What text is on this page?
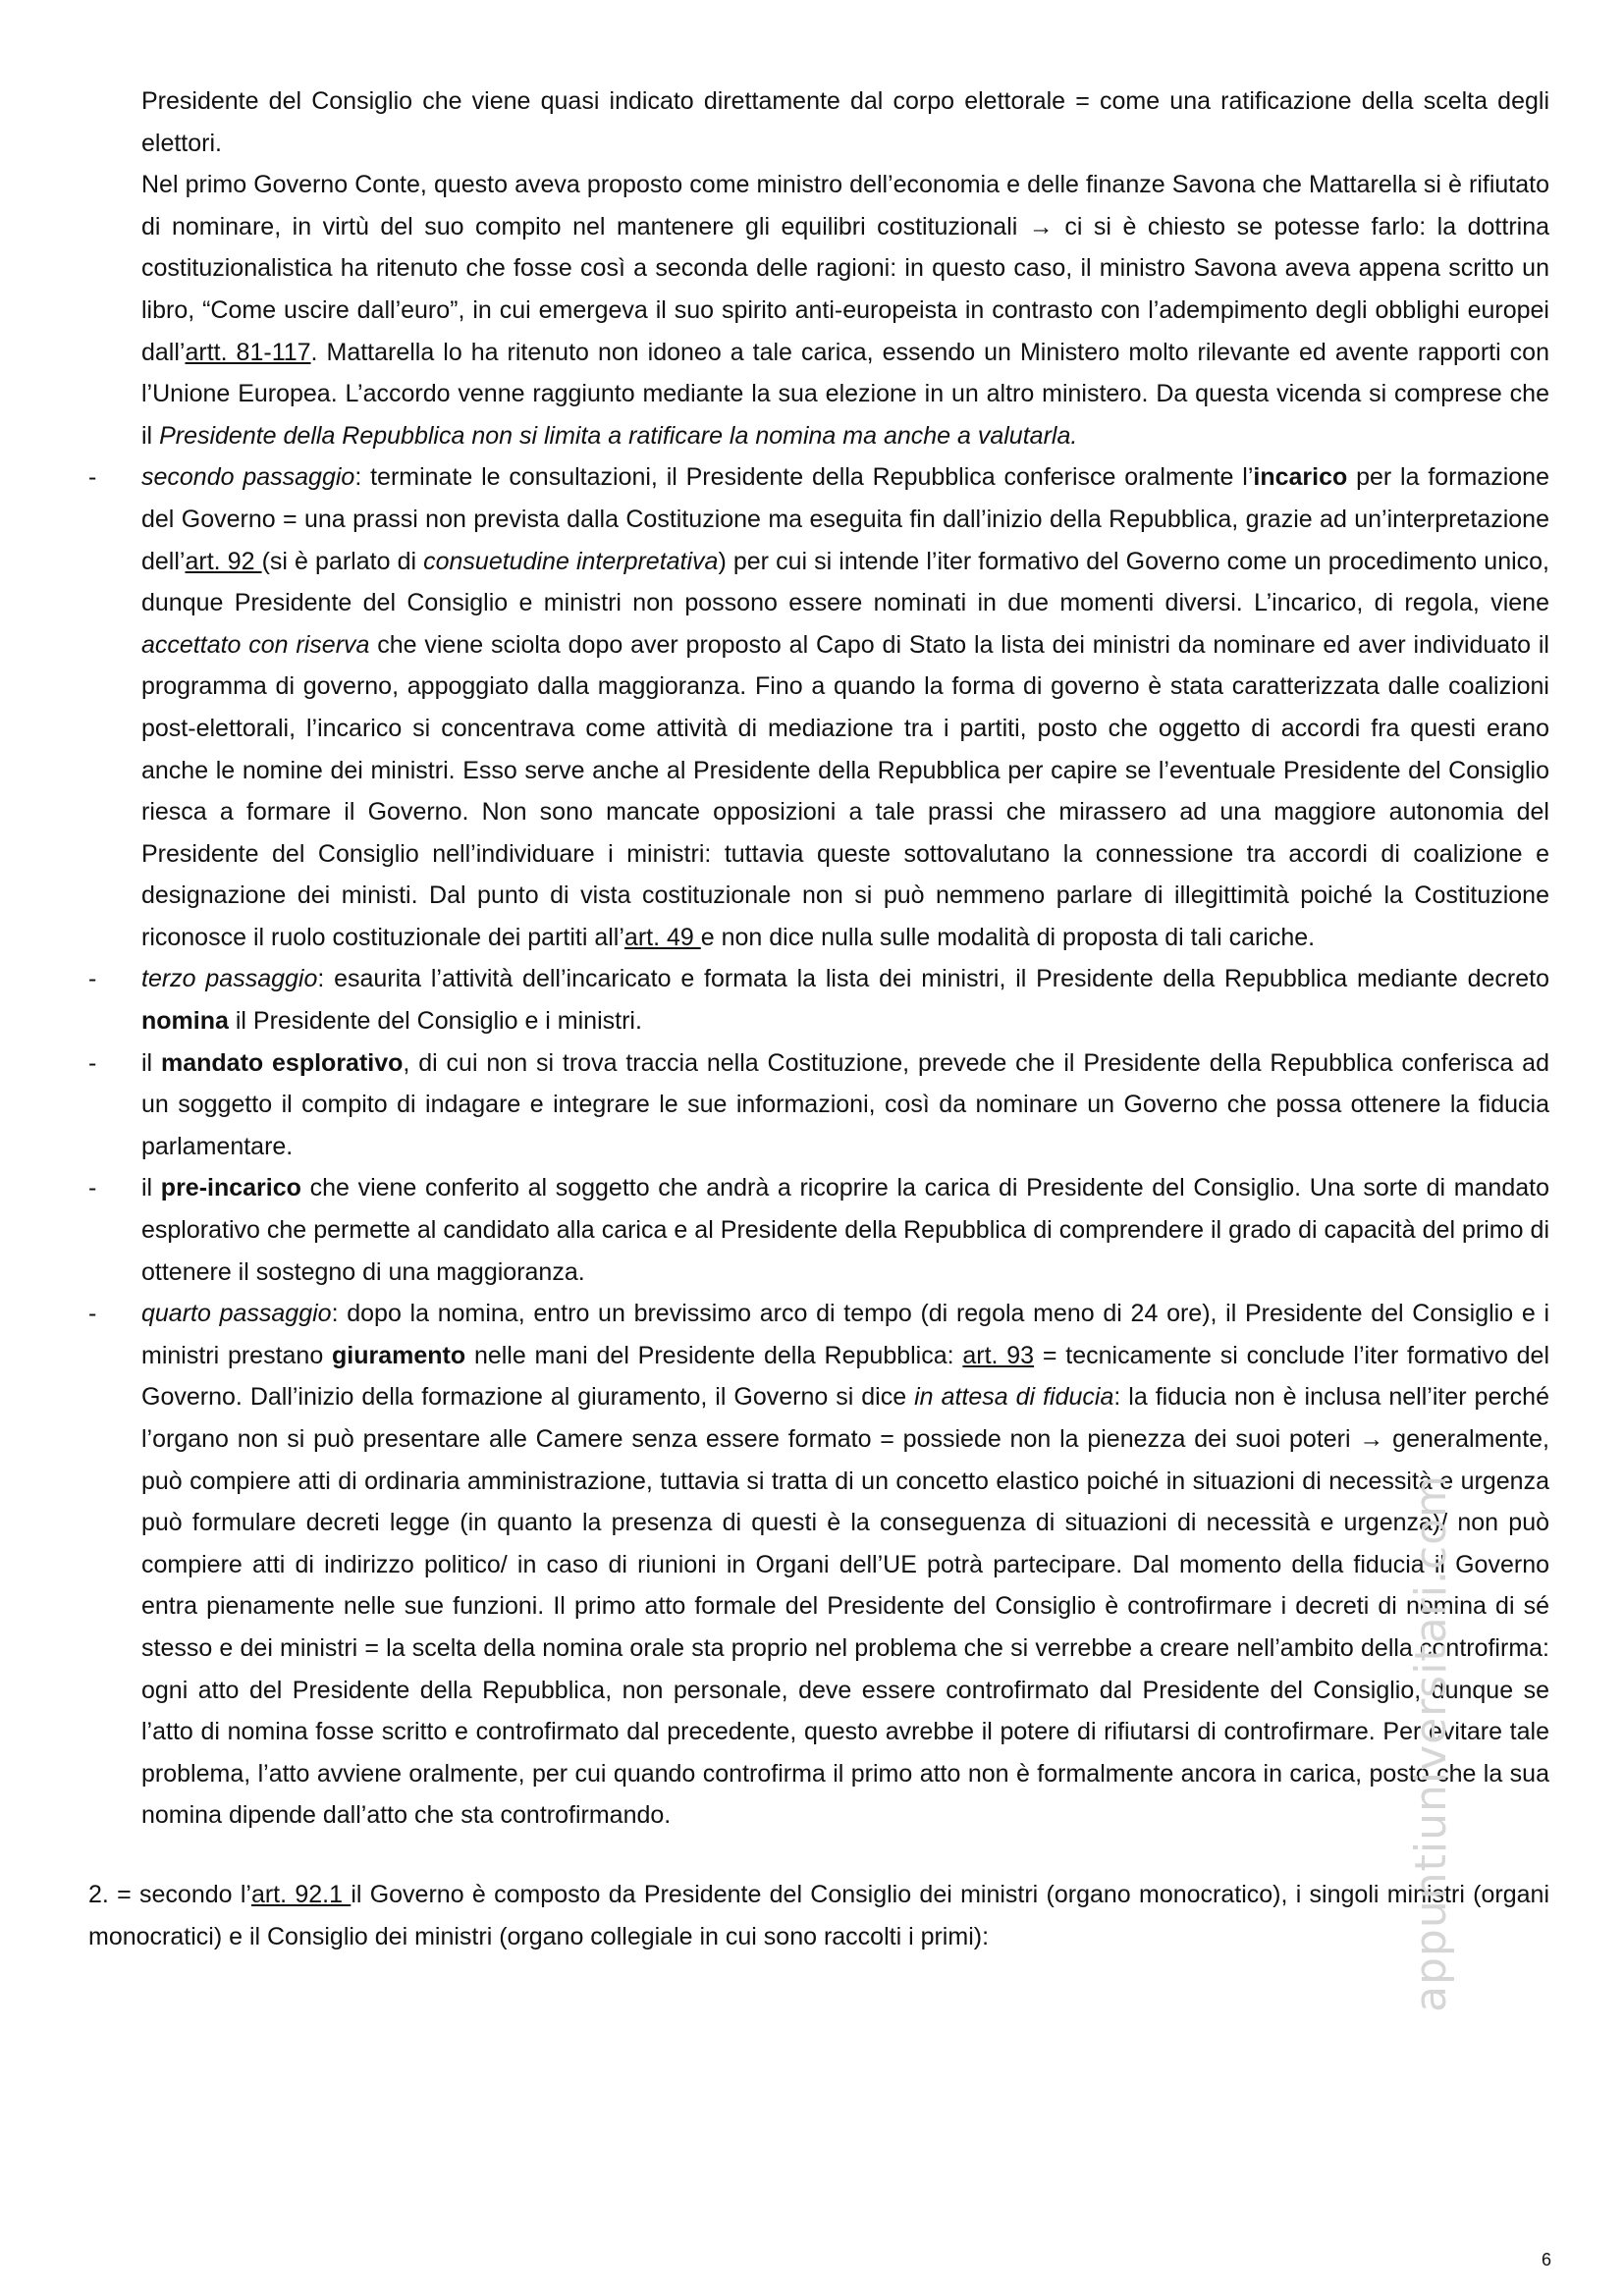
Presidente del Consiglio che viene quasi indicato direttamente dal corpo elettorale = come una ratificazione della scelta degli elettori.

Nel primo Governo Conte, questo aveva proposto come ministro dell’economia e delle finanze Savona che Mattarella si è rifiutato di nominare, in virtù del suo compito nel mantenere gli equilibri costituzionali → ci si è chiesto se potesse farlo: la dottrina costituzionalistica ha ritenuto che fosse così a seconda delle ragioni: in questo caso, il ministro Savona aveva appena scritto un libro, “Come uscire dall’euro”, in cui emergeva il suo spirito anti-europeista in contrasto con l’adempimento degli obblighi europei dall’artt. 81-117. Mattarella lo ha ritenuto non idoneo a tale carica, essendo un Ministero molto rilevante ed avente rapporti con l’Unione Europea. L’accordo venne raggiunto mediante la sua elezione in un altro ministero. Da questa vicenda si comprese che il Presidente della Repubblica non si limita a ratificare la nomina ma anche a valutarla.

- secondo passaggio: terminate le consultazioni, il Presidente della Repubblica conferisce oralmente l’incarico per la formazione del Governo = una prassi non prevista dalla Costituzione ma eseguita fin dall’inizio della Repubblica, grazie ad un’interpretazione dell’art. 92 (si è parlato di consuetudine interpretativa) per cui si intende l’iter formativo del Governo come un procedimento unico, dunque Presidente del Consiglio e ministri non possono essere nominati in due momenti diversi. L’incarico, di regola, viene accettato con riserva che viene sciolta dopo aver proposto al Capo di Stato la lista dei ministri da nominare ed aver individuato il programma di governo, appoggiato dalla maggioranza. Fino a quando la forma di governo è stata caratterizzata dalle coalizioni post-elettorali, l’incarico si concentrava come attività di mediazione tra i partiti, posto che oggetto di accordi fra questi erano anche le nomine dei ministri. Esso serve anche al Presidente della Repubblica per capire se l’eventuale Presidente del Consiglio riesca a formare il Governo. Non sono mancate opposizioni a tale prassi che mirassero ad una maggiore autonomia del Presidente del Consiglio nell’individuare i ministri: tuttavia queste sottovalutano la connessione tra accordi di coalizione e designazione dei ministi. Dal punto di vista costituzionale non si può nemmeno parlare di illegittimità poiché la Costituzione riconosce il ruolo costituzionale dei partiti all’art. 49 e non dice nulla sulle modalità di proposta di tali cariche.

- terzo passaggio: esaurita l’attività dell’incaricato e formata la lista dei ministri, il Presidente della Repubblica mediante decreto nomina il Presidente del Consiglio e i ministri.

- il mandato esplorativo, di cui non si trova traccia nella Costituzione, prevede che il Presidente della Repubblica conferisca ad un soggetto il compito di indagare e integrare le sue informazioni, così da nominare un Governo che possa ottenere la fiducia parlamentare.

- il pre-incarico che viene conferito al soggetto che andrà a ricoprire la carica di Presidente del Consiglio. Una sorte di mandato esplorativo che permette al candidato alla carica e al Presidente della Repubblica di comprendere il grado di capacità del primo di ottenere il sostegno di una maggioranza.

- quarto passaggio: dopo la nomina, entro un brevissimo arco di tempo (di regola meno di 24 ore), il Presidente del Consiglio e i ministri prestano giuramento nelle mani del Presidente della Repubblica: art. 93 = tecnicamente si conclude l’iter formativo del Governo. Dall’inizio della formazione al giuramento, il Governo si dice in attesa di fiducia: la fiducia non è inclusa nell’iter perché l’organo non si può presentare alle Camere senza essere formato = possiede non la pienezza dei suoi poteri → generalmente, può compiere atti di ordinaria amministrazione, tuttavia si tratta di un concetto elastico poiché in situazioni di necessità e urgenza può formulare decreti legge (in quanto la presenza di questi è la conseguenza di situazioni di necessità e urgenza)/ non può compiere atti di indirizzo politico/ in caso di riunioni in Organi dell’UE potrà partecipare. Dal momento della fiducia il Governo entra pienamente nelle sue funzioni. Il primo atto formale del Presidente del Consiglio è controfirmare i decreti di nomina di sé stesso e dei ministri = la scelta della nomina orale sta proprio nel problema che si verrebbe a creare nell’ambito della controfirma: ogni atto del Presidente della Repubblica, non personale, deve essere controfirmato dal Presidente del Consiglio, dunque se l’atto di nomina fosse scritto e controfirmato dal precedente, questo avrebbe il potere di rifiutarsi di controfirmare. Per evitare tale problema, l’atto avviene oralmente, per cui quando controfirma il primo atto non è formalmente ancora in carica, posto che la sua nomina dipende dall’atto che sta controfirmando.

2. = secondo l’art. 92.1 il Governo è composto da Presidente del Consiglio dei ministri (organo monocratico), i singoli ministri (organi monocratici) e il Consiglio dei ministri (organo collegiale in cui sono raccolti i primi):	appuntiuniversitari.com
6
